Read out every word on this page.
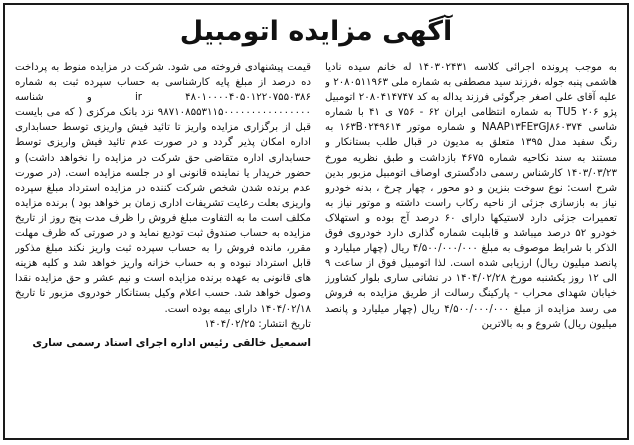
آگهی مزایده اتومبیل

به موجب پرونده اجرائی کلاسه ۱۴۰۳۰۲۴۳۱ له خانم سیده نادیا هاشمی پنبه جوله ،فرزند سید مصطفی به شماره ملی ۲۰۸۰۵۱۱۹۶۳ و علیه آقای علی اصغر جرگوئی فرزند یداله به کد ۲۰۸۰۴۱۴۷۴۷ اتومبیل پژو ۲۰۶ TU5 به شماره انتظامی ایران ۶۲ - ۷۵۶ ی ۴۱ با شماره شاسی NAAP۱۳FE۳GJ۸۶۰۳۷۴ و شماره موتور ۱۶۳B۰۲۴۹۶۱۴ به رنگ سفید مدل ۱۳۹۵ متعلق به مدیون در قبال طلب بستانکار و مستند به سند نکاحیه شماره ۴۶۷۵ بازداشت و طبق نظریه مورخ ۱۴۰۳/۰۳/۲۳ کارشناس رسمی دادگستری اوصاف اتومبیل مزبور بدین شرح است: نوع سوخت بنزین و دو محور ، چهار چرخ ، بدنه خودرو نیاز به بازسازی جزئی از ناحیه رکاب راست داشته و موتور نیاز به تعمیرات جزئی دارد لاستیکها دارای ۶۰ درصد آج بوده و استهلاک خودرو ۵۲ درصد میباشد و قابلیت شماره گذاری دارد خودروی فوق الذکر با شرایط موصوف به مبلغ ۴/۵۰۰/۰۰۰/۰۰۰ ریال (چهار میلیارد و پانصد میلیون ریال) ارزیابی شده است. لذا اتومبیل فوق از ساعت ۹ الی ۱۲ روز یکشنبه مورخ ۱۴۰۴/۰۲/۲۸ در نشانی ساری بلوار کشاورز خیابان شهدای محراب - پارکینگ رسالت از طریق مزایده به فروش می رسد مزایده از مبلغ ۴/۵۰۰/۰۰۰/۰۰۰ ریال (چهار میلیارد و پانصد میلیون ریال) شروع و به بالاترین

قیمت پیشنهادی فروخته می شود. شرکت در مزایده منوط به پرداخت ده درصد از مبلغ پایه کارشناسی به حساب سپرده ثبت به شماره ۴۸۰۱۰۰۰۰۴۰۵۰۱۲۲۰۷۵۵۰۳۸۶ ir و شناسه ۹۸۷۱۰۸۵۵۳۱۱۵۰۰۰۰۰۰۰۰۰۰۰۰۰۰۰۰ نزد بانک مرکزی ( که می بایست قبل از برگزاری مزایده واریز تا تائید فیش واریزی توسط حسابداری اداره امکان پذیر گردد و در صورت عدم تائید فیش واریزی توسط حسابداری اداره متقاضی حق شرکت در مزایده را نخواهد داشت) و حضور خریدار یا نماینده قانونی او در جلسه مزایده است. (در صورت عدم برنده شدن شخص شرکت کننده در مزایده استرداد مبلغ سپرده واریزی بعلت رعایت تشریفات اداری زمان بر خواهد بود ) برنده مزایده مکلف است ما به التفاوت مبلغ فروش را ظرف مدت پنج روز از تاریخ مزایده به حساب صندوق ثبت تودیع نماید و در صورتی که ظرف مهلت مقرر، مانده فروش را به حساب سپرده ثبت واریز نکند مبلغ مذکور قابل استرداد نبوده و به حساب خزانه واریز خواهد شد و کلیه هزینه های قانونی به عهده برنده مزایده است و نیم عشر و حق مزایده نقدا وصول خواهد شد. حسب اعلام وکیل بستانکار خودروی مزبور تا تاریخ ۱۴۰۴/۰۲/۱۸ دارای بیمه بوده است.

تاریخ انتشار: ۱۴۰۴/۰۲/۲۵

اسمعیل خالقی رئیس اداره اجرای اسناد رسمی ساری
